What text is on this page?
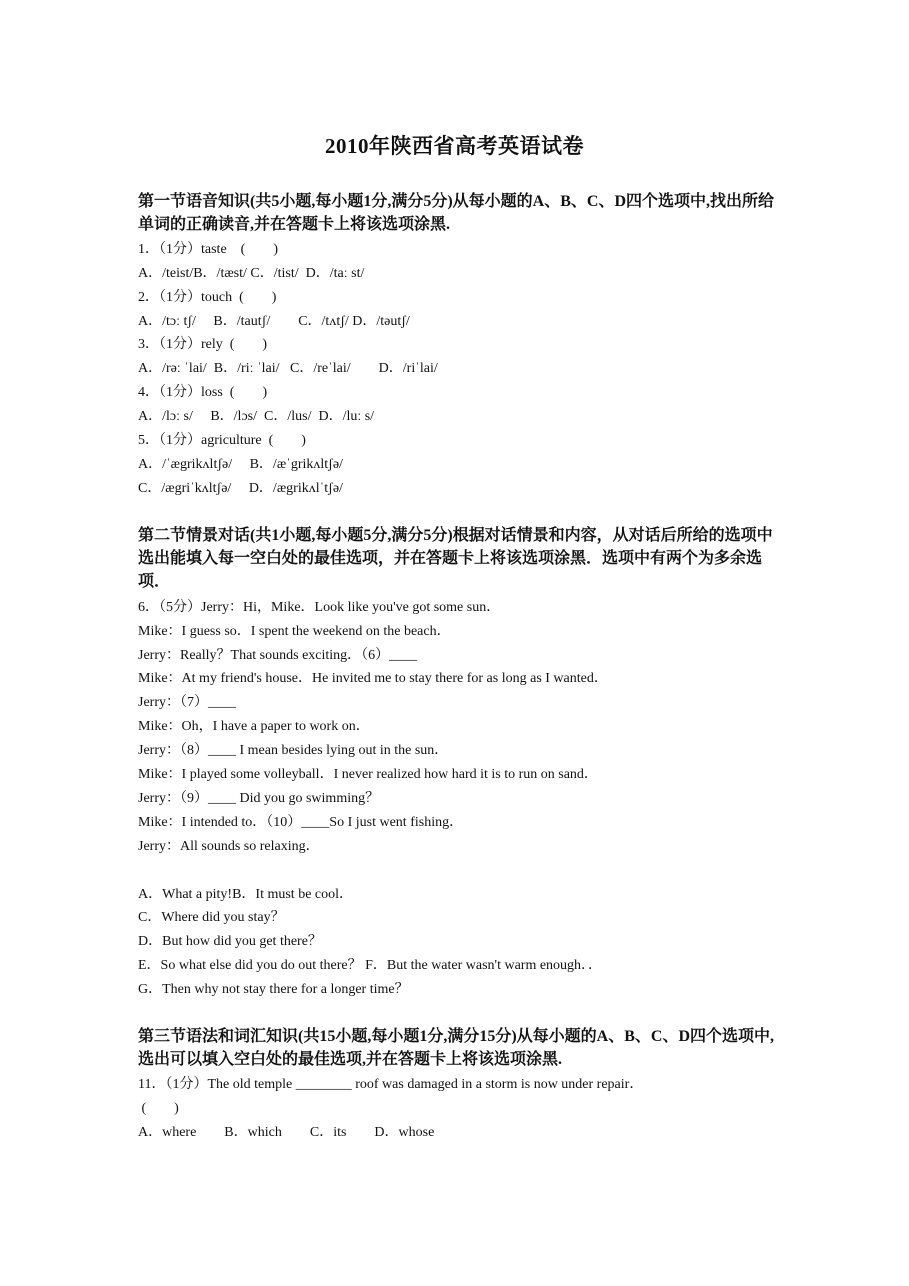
2010年陕西省高考英语试卷
第一节语音知识(共5小题,每小题1分,满分5分)从每小题的A、B、C、D四个选项中,找出所给单词的正确读音,并在答题卡上将该选项涂黑.
1．（1分）taste　(　　)
A．/teist/B．/tæst/ C．/tist/  D．/taː st/
2．（1分）touch  (　　)
A．/tɔː tʃ/　 B．/tautʃ/　　C．/tʌtʃ/ D．/təutʃ/
3．（1分）rely  (　　)
A．/rəː ˈlai/  B．/riː ˈlai/   C．/reˈlai/　　D．/riˈlai/
4．（1分）loss  (　　)
A．/lɔː s/　 B．/lɔs/  C．/lus/  D．/luː s/
5．（1分）agriculture  (　　)
A．/ˈægrikʌltʃə/　 B．/æˈgrikʌltʃə/
C．/ægriˈkʌltʃə/　 D．/ægrikʌlˈtʃə/
第二节情景对话(共1小题,每小题5分,满分5分)根据对话情景和内容，从对话后所给的选项中选出能填入每一空白处的最佳选项，并在答题卡上将该选项涂黑．选项中有两个为多余选项．
6．（5分）Jerry：Hi，Mike．Look like you've got some sun．
Mike：I guess so．I spent the weekend on the beach．
Jerry：Really？That sounds exciting．（6）____
Mike：At my friend's house．He invited me to stay there for as long as I wanted．
Jerry：（7）____
Mike：Oh，I have a paper to work on．
Jerry：（8）____ I mean besides lying out in the sun．
Mike：I played some volleyball．I never realized how hard it is to run on sand．
Jerry：（9）____ Did you go swimming？
Mike：I intended to．（10）____So I just went fishing．
Jerry：All sounds so relaxing．
A．What a pity!B．It must be cool．
C．Where did you stay？
D．But how did you get there？
E．So what else did you do out there？ F．But the water wasn't warm enough．．
G．Then why not stay there for a longer time？
第三节语法和词汇知识(共15小题,每小题1分,满分15分)从每小题的A、B、C、D四个选项中,选出可以填入空白处的最佳选项,并在答题卡上将该选项涂黑.
11．（1分）The old temple ________ roof was damaged in a storm is now under repair．
(　　)
A．where　　B．which　　C．its　　D．whose
